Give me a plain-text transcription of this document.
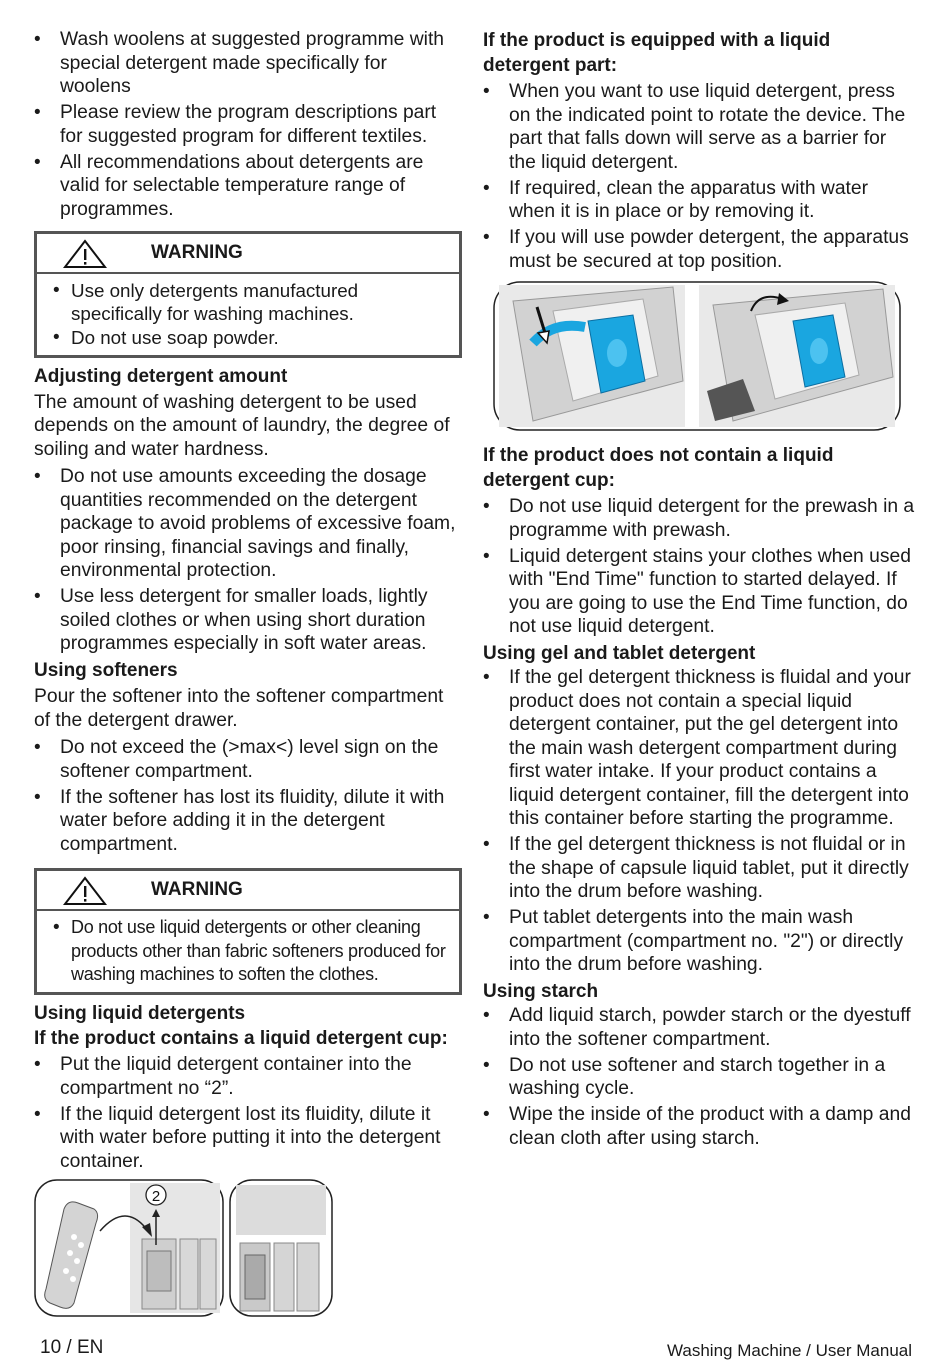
• Wash woolens at suggested programme with special detergent made specifically for woolens
• Please review the program descriptions part for suggested program for different textiles.
• All recommendations about detergents are valid for selectable temperature range of programmes.
WARNING
• Use only detergents manufactured specifically for washing machines.
• Do not use soap powder.
Adjusting detergent amount

The amount of washing detergent to be used depends on the amount of laundry, the degree of soiling and water hardness.

• Do not use amounts exceeding the dosage quantities recommended on the detergent package to avoid problems of excessive foam, poor rinsing, financial savings and finally, environmental protection.
• Use less detergent for smaller loads, lightly soiled clothes or when using short duration programmes especially in soft water areas.
Using softeners

Pour the softener into the softener compartment of the detergent drawer.

• Do not exceed the (>max<) level sign on the softener compartment.
• If the softener has lost its fluidity, dilute it with water before adding it in the detergent compartment.
WARNING
• Do not use liquid detergents or other cleaning products other than fabric softeners produced for washing machines to soften the clothes.
Using liquid detergents
If the product contains a liquid detergent cup:
• Put the liquid detergent container into the compartment no “2”.
• If the liquid detergent lost its fluidity, dilute it with water before putting it into the detergent container.
2
If the product is equipped with a liquid detergent part:
• When you want to use liquid detergent, press on the indicated point to rotate the device. The part that falls down will serve as a barrier for the liquid detergent.
• If required, clean the apparatus with water when it is in place or by removing it.
• If you will use powder detergent, the apparatus must be secured at top position.
If the product does not contain a liquid detergent cup:
• Do not use liquid detergent for the prewash in a programme with prewash.
• Liquid detergent stains your clothes when used with "End Time" function to started delayed. If you are going to use the End Time function, do not use liquid detergent.
Using gel and tablet detergent
• If the gel detergent thickness is fluidal and your product does not contain a special liquid detergent container, put the gel detergent into the main wash detergent compartment during first water intake. If your product contains a liquid detergent container, fill the detergent into this container before starting the programme.
• If the gel detergent thickness is not fluidal or in the shape of capsule liquid tablet, put it directly into the drum before washing.
• Put tablet detergents into the main wash compartment (compartment no. "2") or directly into the drum before washing.
Using starch
• Add liquid starch, powder starch or the dyestuff into the softener compartment.
• Do not use softener and starch together in a washing cycle.
• Wipe the inside of the product with a damp and clean cloth after using starch.
10 / EN	Washing Machine / User Manual
